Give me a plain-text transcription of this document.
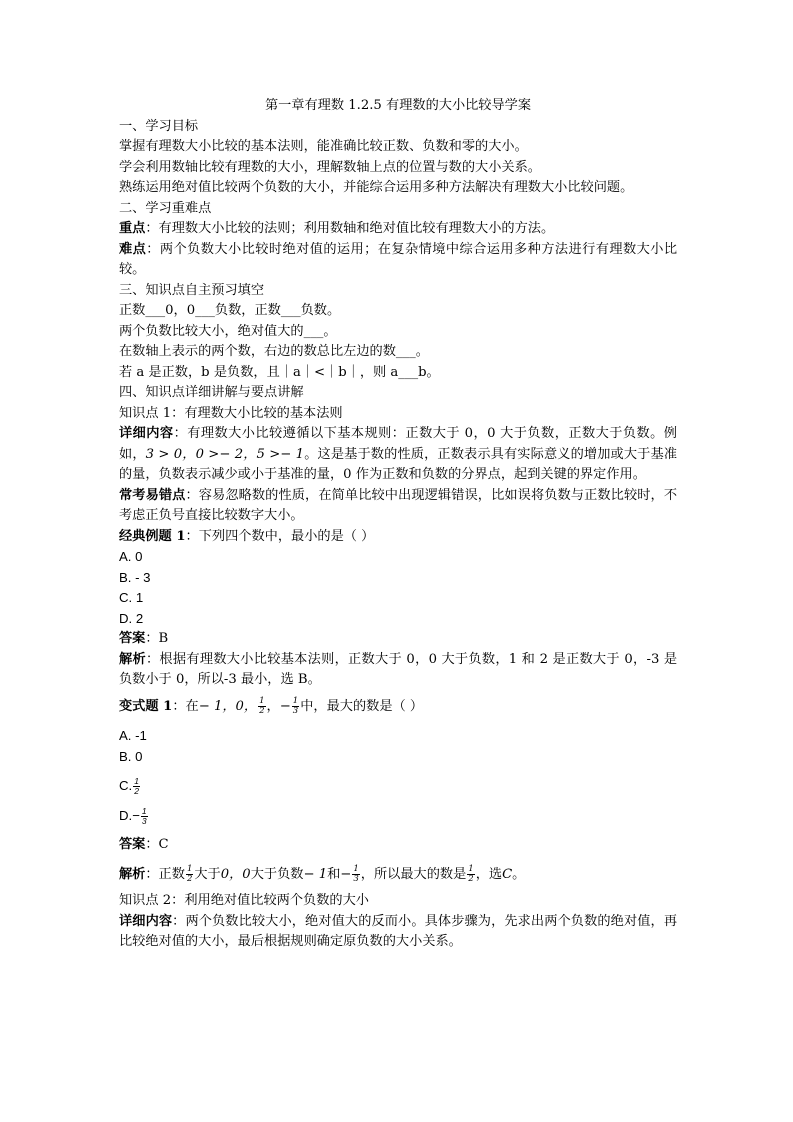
第一章有理数 1.2.5 有理数的大小比较导学案

一、学习目标

掌握有理数大小比较的基本法则，能准确比较正数、负数和零的大小。

学会利用数轴比较有理数的大小，理解数轴上点的位置与数的大小关系。

熟练运用绝对值比较两个负数的大小，并能综合运用多种方法解决有理数大小比较问题。

二、学习重难点

重点：有理数大小比较的法则；利用数轴和绝对值比较有理数大小的方法。

难点：两个负数大小比较时绝对值的运用；在复杂情境中综合运用多种方法进行有理数大小比较。

三、知识点自主预习填空

正数___0，0___负数，正数___负数。

两个负数比较大小，绝对值大的___。

在数轴上表示的两个数，右边的数总比左边的数___。

若 a 是正数，b 是负数，且｜a｜<｜b｜，则 a___b。

四、知识点详细讲解与要点讲解

知识点 1：有理数大小比较的基本法则

详细内容：有理数大小比较遵循以下基本规则：正数大于 0，0 大于负数，正数大于负数。例如，3 > 0，0 >− 2，5 >− 1。这是基于数的性质，正数表示具有实际意义的增加或大于基准的量，负数表示减少或小于基准的量，0 作为正数和负数的分界点，起到关键的界定作用。

常考易错点：容易忽略数的性质，在简单比较中出现逻辑错误，比如误将负数与正数比较时，不考虑正负号直接比较数字大小。

经典例题 1：下列四个数中，最小的是（ ）

A. 0

B. - 3

C. 1

D. 2

答案：B

解析：根据有理数大小比较基本法则，正数大于 0，0 大于负数，1 和 2 是正数大于 0，-3 是负数小于 0，所以-3 最小，选 B。

变式题 1：在− 1，0， $\frac{1}{2}$ ，− $\frac{1}{3}$ 中，最大的数是（ ）

A. -1

B. 0

C. $\frac{1}{2}$

$D.- \frac{1}{3}$

答案：C

解析：正数 $\frac{1}{2}$ 大于0，0大于负数− 1和− $\frac{1}{3}$ ，所以最大的数是 $\frac{1}{2}$ ，选C。

知识点 2：利用绝对值比较两个负数的大小

详细内容：两个负数比较大小，绝对值大的反而小。具体步骤为，先求出两个负数的绝对值，再比较绝对值的大小，最后根据规则确定原负数的大小关系。
